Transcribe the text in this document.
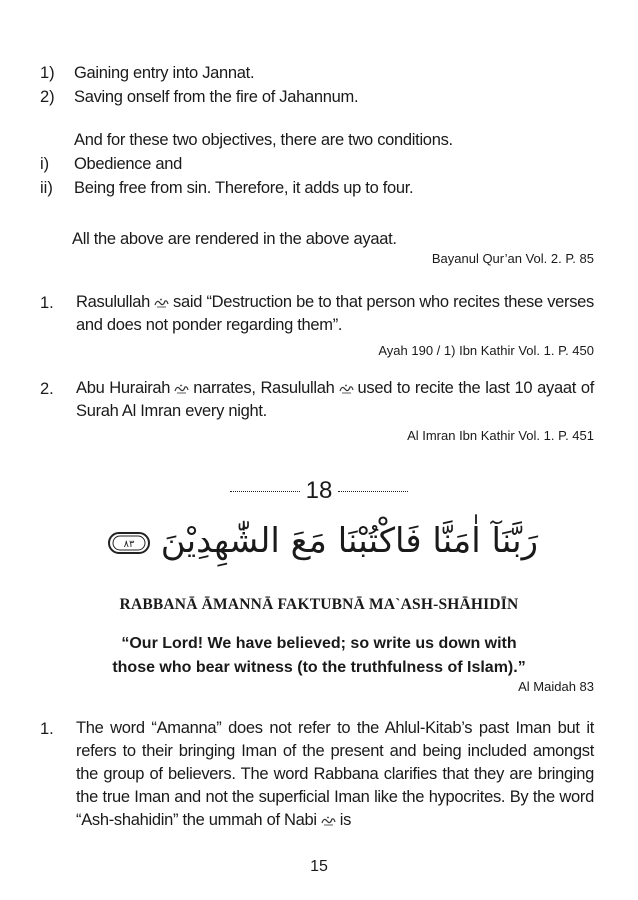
1) Gaining entry into Jannat.
2) Saving onself from the fire of Jahannum.
And for these two objectives, there are two conditions.
i) Obedience and
ii) Being free from sin. Therefore, it adds up to four.
All the above are rendered in the above ayaat.
Bayanul Qur’an Vol. 2. P. 85
1. Rasulullah said “Destruction be to that person who recites these verses and does not ponder regarding them”.
Ayah 190 / 1) Ibn Kathir Vol. 1. P. 450
2. Abu Hurairah narrates, Rasulullah used to recite the last 10 ayaat of Surah Al Imran every night.
Al Imran Ibn Kathir Vol. 1. P. 451
18
رَبَّنَآ اٰمَنَّا فَاكْتُبْنَا مَعَ الشّٰهِدِيْنَ
٨٣
RABBANĀ ĀMANNĀ FAKTUBNĀ MA`ASH-SHĀHIDĪN
“Our Lord! We have believed; so write us down with
those who bear witness (to the truthfulness of Islam).”
Al Maidah 83
1. The word “Amanna” does not refer to the Ahlul-Kitab’s past Iman but it refers to their bringing Iman of the present and being included amongst the group of believers. The word Rabbana clarifies that they are bringing the true Iman and not the superficial Iman like the hypocrites. By the word “Ash-shahidin” the ummah of Nabi is
15
